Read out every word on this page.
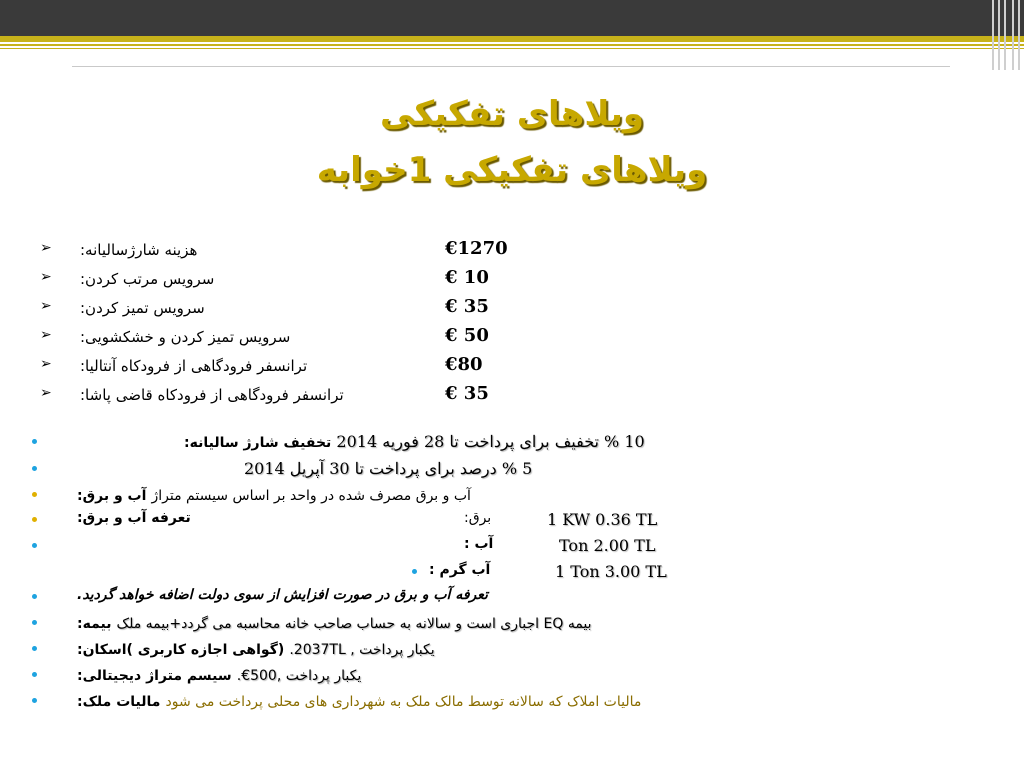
ویلاهای تفکیکی
ویلاهای تفکیکی 1خوابه
➢ هزینه شارژسالیانه:	€1270
➢ سرویس مرتب کردن:	€ 10
➢ سرویس تمیز کردن:	€ 35
➢ سرویس تمیز کردن و خشکشویی:	€ 50
➢ ترانسفر فرودگاهی از فرودکاه آنتالیا:	€80
➢ ترانسفر فرودگاهی از فرودکاه قاضی پاشا:	€ 35
10 % تخفیف برای پرداخت تا 28 فوریه 2014 تخفیف شارژ سالیانه:
5 % درصد برای پرداخت تا 30 آپریل 2014
آب و برق مصرف شده در واحد بر اساس سیستم متراژ آب و برق:
تعرفه آب و برق:	برق:	1 KW 0.36 TL
آب :	Ton 2.00 TL
آب گرم :	1 Ton 3.00 TL
تعرفه آب و برق در صورت افزایش از سوی دولت اضافه خواهد گردید.
بیمه EQ اجباری است و سالانه به حساب صاحب خانه محاسبه می گردد+بیمه ملک بیمه:
یکبار پرداخت , 2037TL. (گواهی اجازه کاربری )اسکان:
یکبار پرداخت ,500€. سیسم متراژ دیجیتالی:
مالیات املاک که سالانه توسط مالک ملک به شهرداری های محلی پرداخت می شود مالیات ملک:
